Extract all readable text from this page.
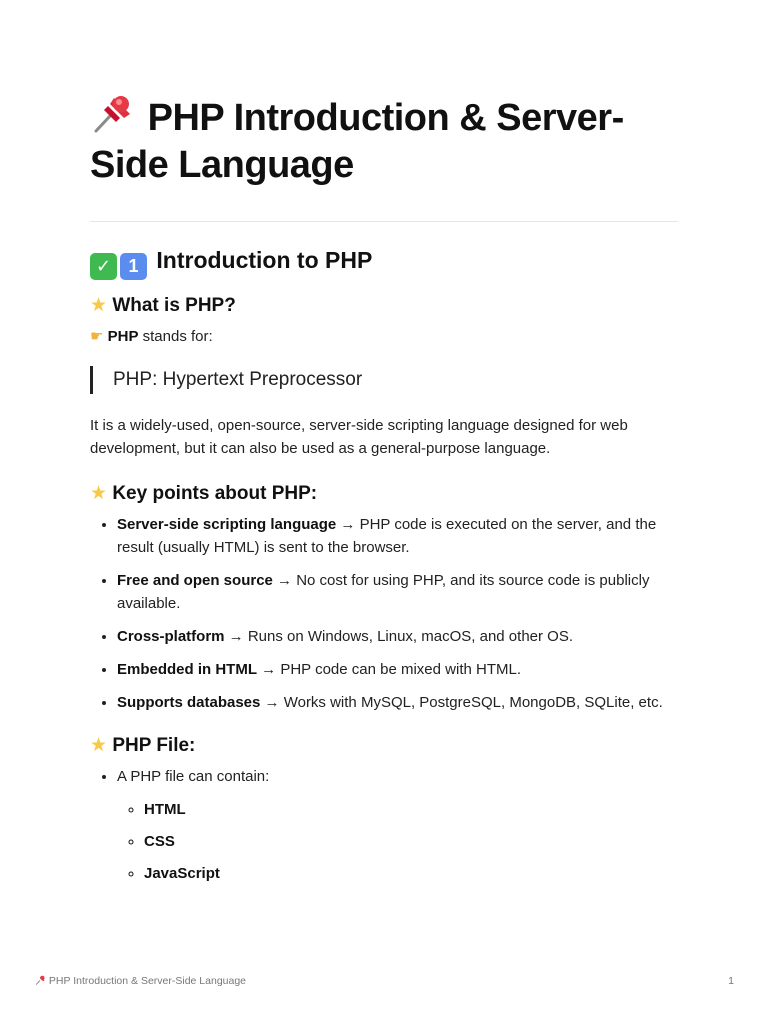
PHP Introduction & Server-Side Language
✓ 1 Introduction to PHP
★ What is PHP?

☛ PHP stands for:

PHP: Hypertext Preprocessor

It is a widely-used, open-source, server-side scripting language designed for web development, but it can also be used as a general-purpose language.

★ Key points about PHP:
• Server-side scripting language → PHP code is executed on the server, and the result (usually HTML) is sent to the browser.
• Free and open source → No cost for using PHP, and its source code is publicly available.
• Cross-platform → Runs on Windows, Linux, macOS, and other OS.
• Embedded in HTML → PHP code can be mixed with HTML.
• Supports databases → Works with MySQL, PostgreSQL, MongoDB, SQLite, etc.
★ PHP File:
• A PHP file can contain:
◦ HTML
◦ CSS
◦ JavaScript
PHP Introduction & Server-Side Language	1
